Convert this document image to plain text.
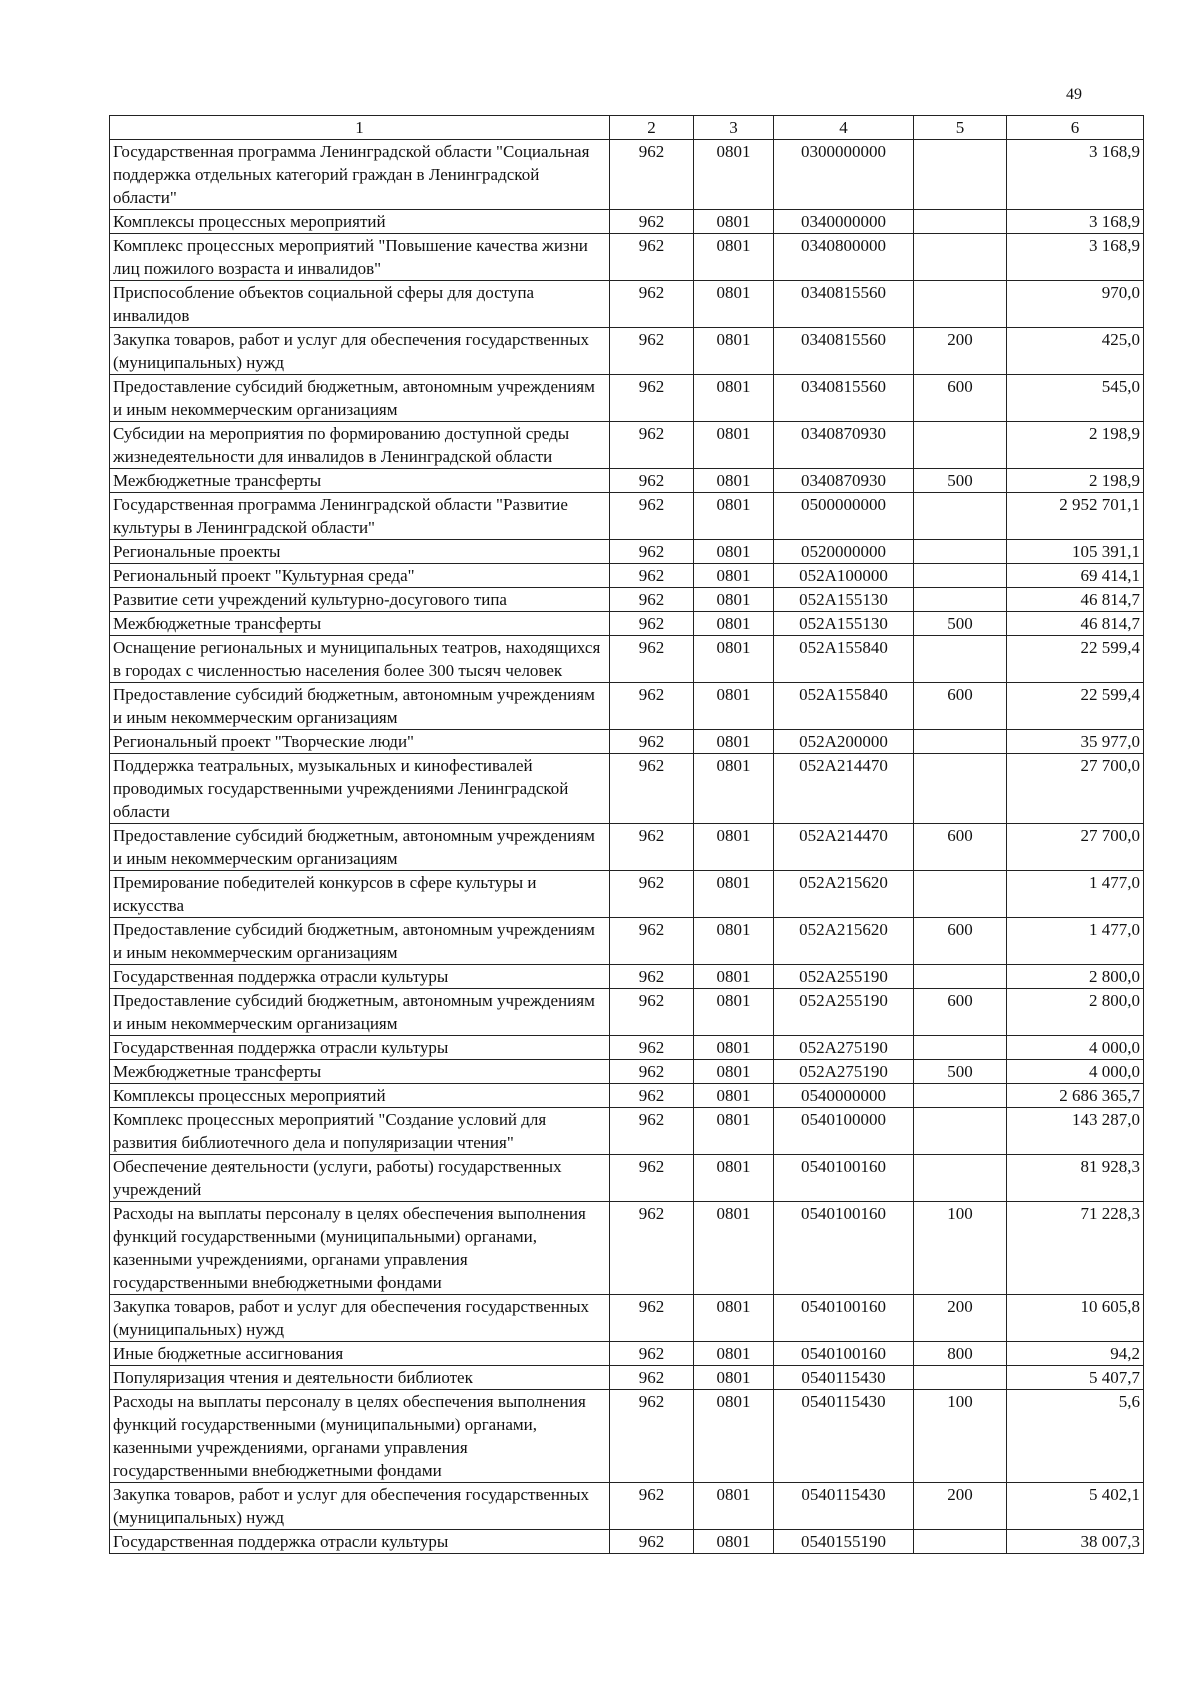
49
1	2	3	4	5	6
Государственная программа Ленинградской области "Социальная поддержка отдельных категорий граждан в Ленинградской области"	962	0801	0300000000		3 168,9
Комплексы процессных мероприятий	962	0801	0340000000		3 168,9
Комплекс процессных мероприятий "Повышение качества жизни лиц пожилого возраста и инвалидов"	962	0801	0340800000		3 168,9
Приспособление объектов социальной сферы для доступа инвалидов	962	0801	0340815560		970,0
Закупка товаров, работ и услуг для обеспечения государственных (муниципальных) нужд	962	0801	0340815560	200	425,0
Предоставление субсидий бюджетным, автономным учреждениям и иным некоммерческим организациям	962	0801	0340815560	600	545,0
Субсидии на мероприятия по формированию доступной среды жизнедеятельности для инвалидов в Ленинградской области	962	0801	0340870930		2 198,9
Межбюджетные трансферты	962	0801	0340870930	500	2 198,9
Государственная программа Ленинградской области "Развитие культуры в Ленинградской области"	962	0801	0500000000		2 952 701,1
Региональные проекты	962	0801	0520000000		105 391,1
Региональный проект "Культурная среда"	962	0801	052A100000		69 414,1
Развитие сети учреждений культурно-досугового типа	962	0801	052A155130		46 814,7
Межбюджетные трансферты	962	0801	052A155130	500	46 814,7
Оснащение региональных и муниципальных театров, находящихся в городах с численностью населения более 300 тысяч человек	962	0801	052A155840		22 599,4
Предоставление субсидий бюджетным, автономным учреждениям и иным некоммерческим организациям	962	0801	052A155840	600	22 599,4
Региональный проект "Творческие люди"	962	0801	052A200000		35 977,0
Поддержка театральных, музыкальных и кинофестивалей проводимых государственными учреждениями Ленинградской области	962	0801	052A214470		27 700,0
Предоставление субсидий бюджетным, автономным учреждениям и иным некоммерческим организациям	962	0801	052A214470	600	27 700,0
Премирование победителей конкурсов в сфере культуры и искусства	962	0801	052A215620		1 477,0
Предоставление субсидий бюджетным, автономным учреждениям и иным некоммерческим организациям	962	0801	052A215620	600	1 477,0
Государственная поддержка отрасли культуры	962	0801	052A255190		2 800,0
Предоставление субсидий бюджетным, автономным учреждениям и иным некоммерческим организациям	962	0801	052A255190	600	2 800,0
Государственная поддержка отрасли культуры	962	0801	052A275190		4 000,0
Межбюджетные трансферты	962	0801	052A275190	500	4 000,0
Комплексы процессных мероприятий	962	0801	0540000000		2 686 365,7
Комплекс процессных мероприятий "Создание условий для развития библиотечного дела и популяризации чтения"	962	0801	0540100000		143 287,0
Обеспечение деятельности (услуги, работы) государственных учреждений	962	0801	0540100160		81 928,3
Расходы на выплаты персоналу в целях обеспечения выполнения функций государственными (муниципальными) органами, казенными учреждениями, органами управления государственными внебюджетными фондами	962	0801	0540100160	100	71 228,3
Закупка товаров, работ и услуг для обеспечения государственных (муниципальных) нужд	962	0801	0540100160	200	10 605,8
Иные бюджетные ассигнования	962	0801	0540100160	800	94,2
Популяризация чтения и деятельности библиотек	962	0801	0540115430		5 407,7
Расходы на выплаты персоналу в целях обеспечения выполнения функций государственными (муниципальными) органами, казенными учреждениями, органами управления государственными внебюджетными фондами	962	0801	0540115430	100	5,6
Закупка товаров, работ и услуг для обеспечения государственных (муниципальных) нужд	962	0801	0540115430	200	5 402,1
Государственная поддержка отрасли культуры	962	0801	0540155190		38 007,3
